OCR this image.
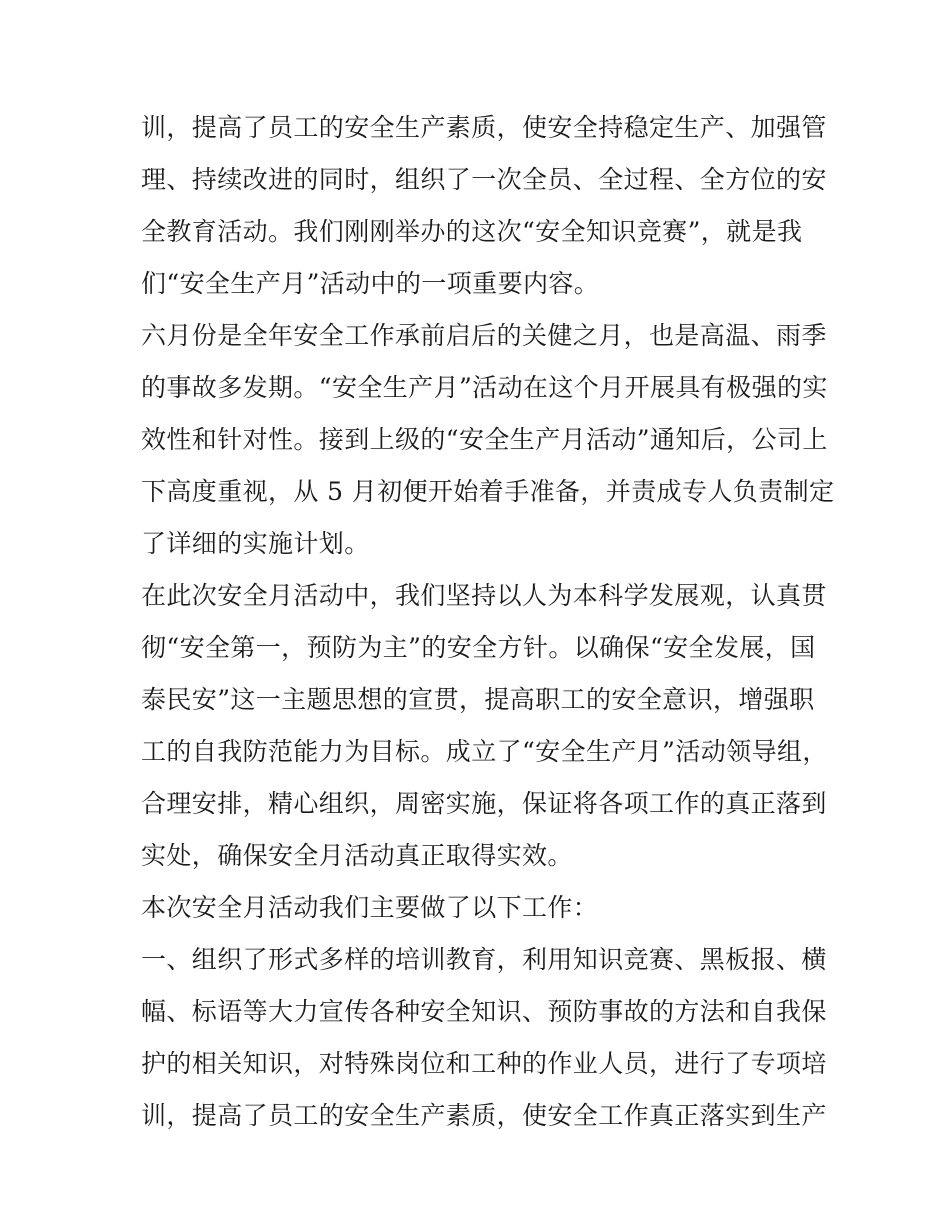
训，提高了员工的安全生产素质，使安全持稳定生产、加强管
理、持续改进的同时，组织了一次全员、全过程、全方位的安
全教育活动。我们刚刚举办的这次“安全知识竞赛”，就是我
们“安全生产月”活动中的一项重要内容。
六月份是全年安全工作承前启后的关健之月，也是高温、雨季
的事故多发期。“安全生产月”活动在这个月开展具有极强的实
效性和针对性。接到上级的“安全生产月活动”通知后，公司上
下高度重视，从 5 月初便开始着手准备，并责成专人负责制定
了详细的实施计划。
在此次安全月活动中，我们坚持以人为本科学发展观，认真贯
彻“安全第一，预防为主”的安全方针。以确保“安全发展，国
泰民安”这一主题思想的宣贯，提高职工的安全意识，增强职
工的自我防范能力为目标。成立了“安全生产月”活动领导组，
合理安排，精心组织，周密实施，保证将各项工作的真正落到
实处，确保安全月活动真正取得实效。
本次安全月活动我们主要做了以下工作：
一、组织了形式多样的培训教育，利用知识竞赛、黑板报、横
幅、标语等大力宣传各种安全知识、预防事故的方法和自我保
护的相关知识，对特殊岗位和工种的作业人员，进行了专项培
训，提高了员工的安全生产素质，使安全工作真正落实到生产
